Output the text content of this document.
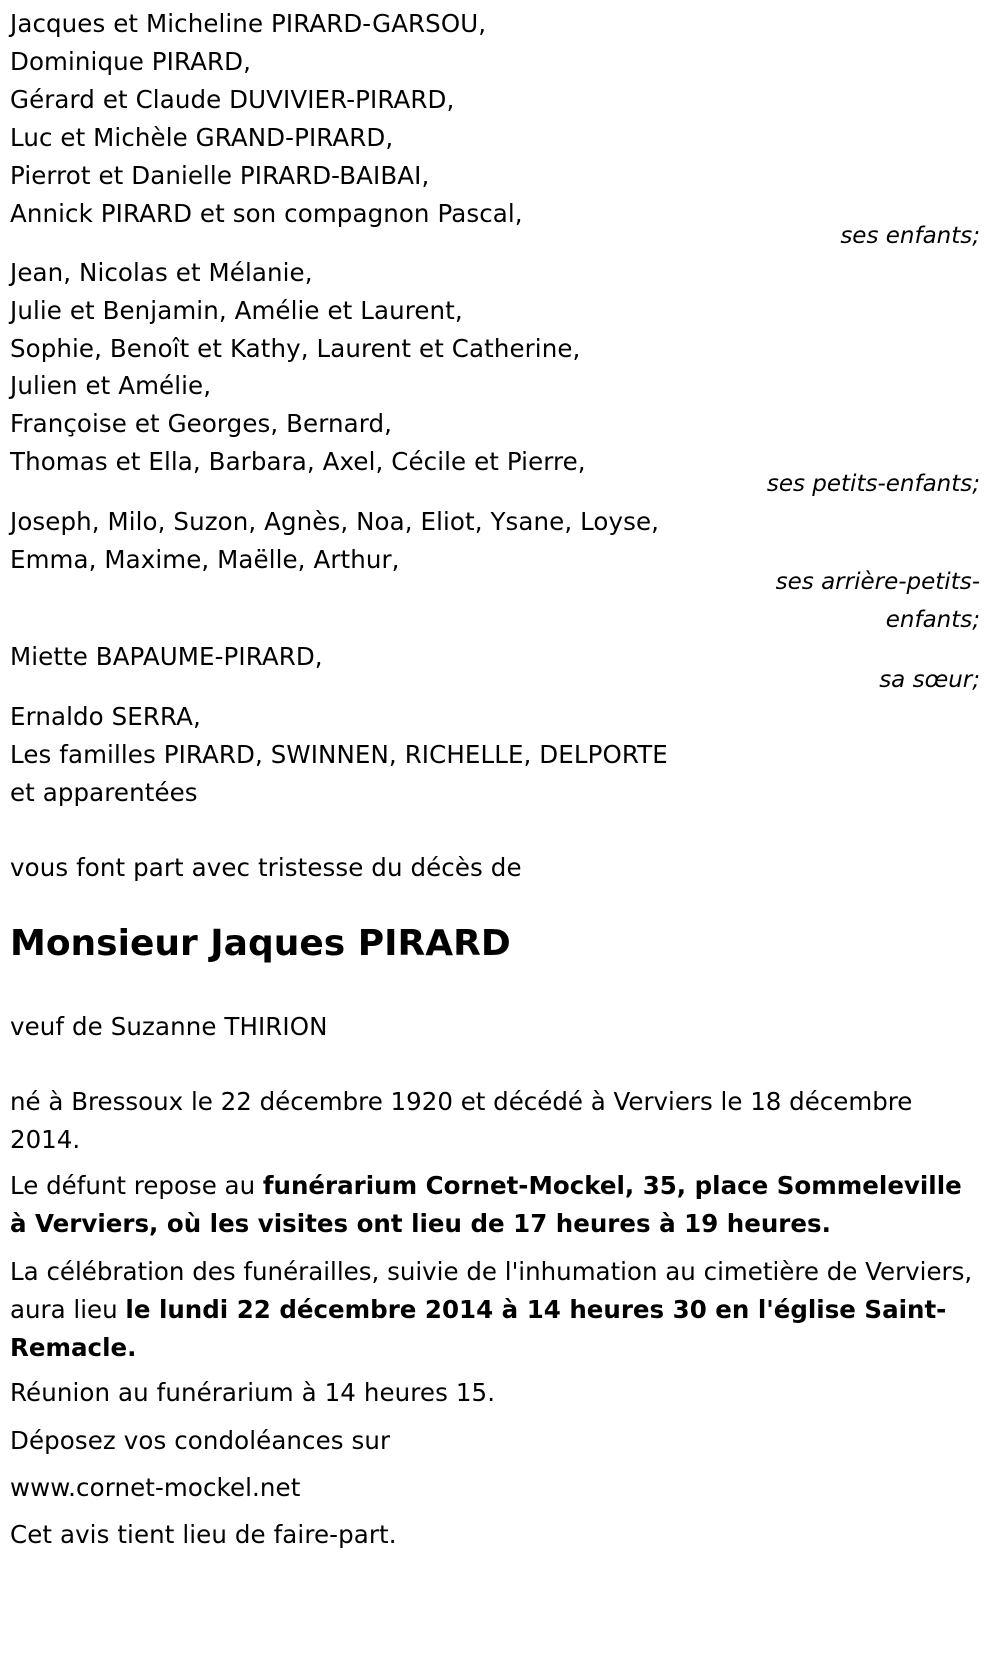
Jacques et Micheline PIRARD-GARSOU,
Dominique PIRARD,
Gérard et Claude DUVIVIER-PIRARD,
Luc et Michèle GRAND-PIRARD,
Pierrot et Danielle PIRARD-BAIBAI,
Annick PIRARD et son compagnon Pascal,
ses enfants;
Jean, Nicolas et Mélanie,
Julie et Benjamin, Amélie et Laurent,
Sophie, Benoît et Kathy, Laurent et Catherine,
Julien et Amélie,
Françoise et Georges, Bernard,
Thomas et Ella, Barbara, Axel, Cécile et Pierre,
ses petits-enfants;
Joseph, Milo, Suzon, Agnès, Noa, Eliot, Ysane, Loyse,
Emma, Maxime, Maëlle, Arthur,
ses arrière-petits-
enfants;
Miette BAPAUME-PIRARD,
sa sœur;
Ernaldo SERRA,
Les familles PIRARD, SWINNEN, RICHELLE, DELPORTE
et apparentées
vous font part avec tristesse du décès de
Monsieur Jaques PIRARD
veuf de Suzanne THIRION
né à Bressoux le 22 décembre 1920 et décédé à Verviers le 18 décembre 2014.
Le défunt repose au funérarium Cornet-Mockel, 35, place Sommeleville à Verviers, où les visites ont lieu de 17 heures à 19 heures.
La célébration des funérailles, suivie de l'inhumation au cimetière de Verviers, aura lieu le lundi 22 décembre 2014 à 14 heures 30 en l'église Saint-Remacle.
Réunion au funérarium à 14 heures 15.
Déposez vos condoléances sur
www.cornet-mockel.net
Cet avis tient lieu de faire-part.
